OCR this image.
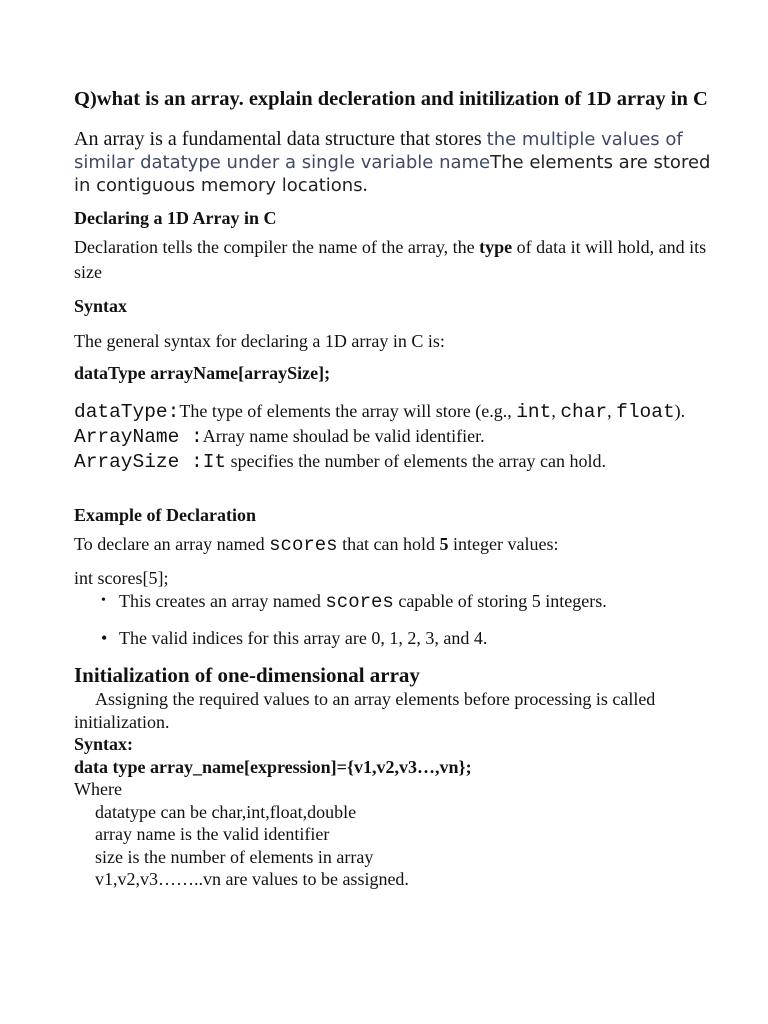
Q)what is an array. explain decleration and initilization of 1D array in C

An array is a fundamental data structure that stores the multiple values of similar datatype under a single variable nameThe elements are stored in contiguous memory locations.

Declaring a 1D Array in C

Declaration tells the compiler the name of the array, the type of data it will hold, and its size

Syntax

The general syntax for declaring a 1D array in C is:

dataType arrayName[arraySize];

dataType:The type of elements the array will store (e.g., int, char, float).

ArrayName :Array name shoulad be valid identifier.

ArraySize :It specifies the number of elements the array can hold.

Example of Declaration

To declare an array named scores that can hold 5 integer values:

int scores[5];

• This creates an array named scores capable of storing 5 integers.
• The valid indices for this array are 0, 1, 2, 3, and 4.

Initialization of one-dimensional array

Assigning the required values to an array elements before processing is called initialization.

Syntax:

data type array_name[expression]={v1,v2,v3…,vn};

Where

datatype can be char,int,float,double

array name is the valid identifier

size is the number of elements in array

v1,v2,v3……..vn are values to be assigned.
